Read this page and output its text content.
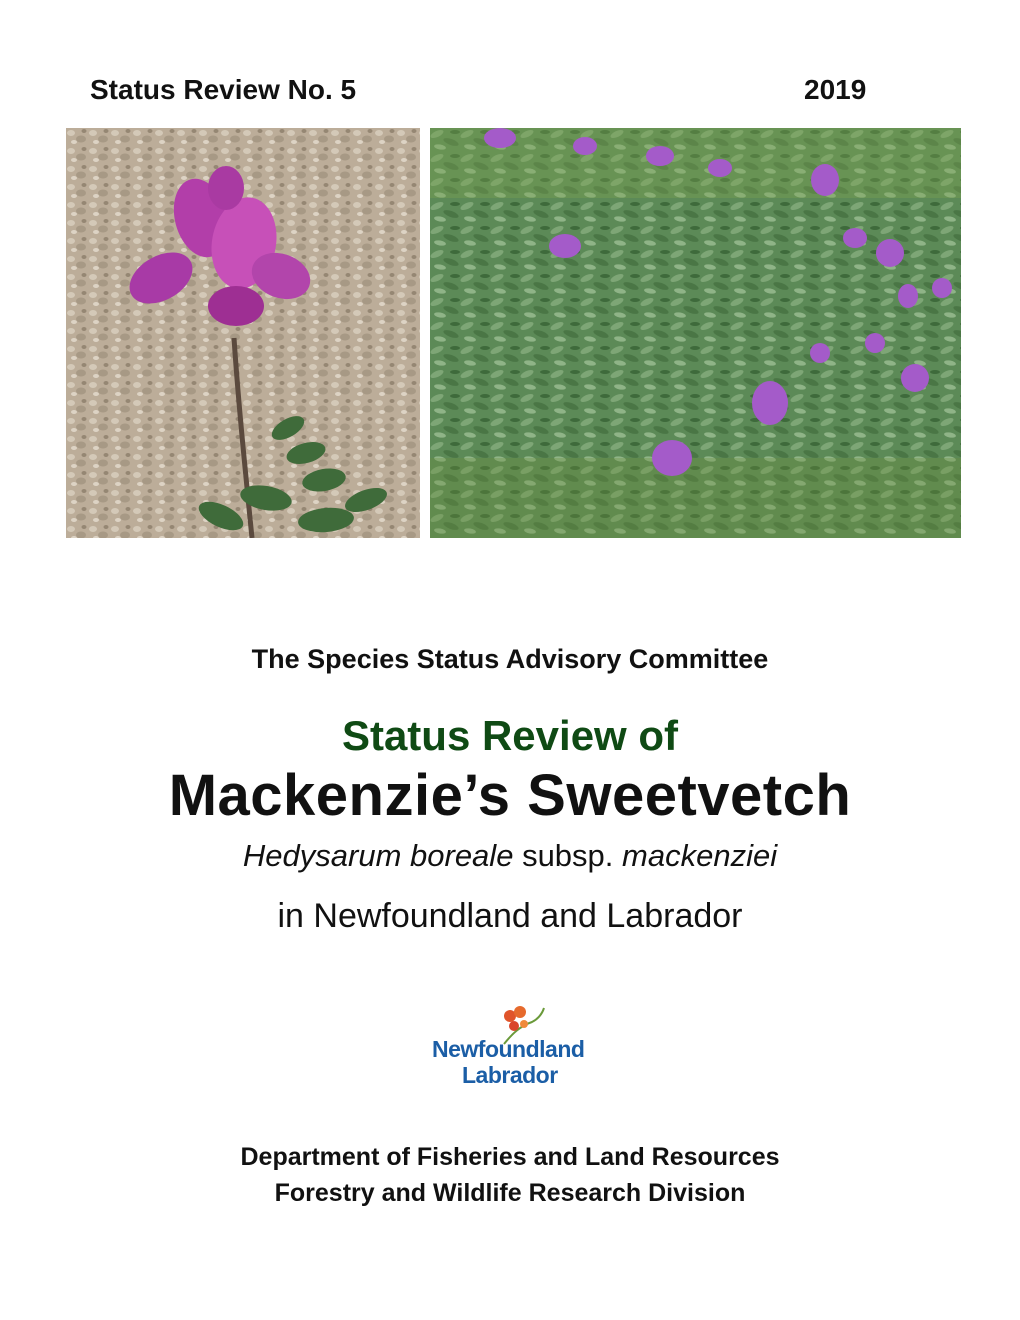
Status Review No. 5	2019
The Species Status Advisory Committee
Status Review of
Mackenzie’s Sweetvetch
Hedysarum boreale subsp. mackenziei
in Newfoundland and Labrador
Newfoundland
Labrador
Department of Fisheries and Land Resources
Forestry and Wildlife Research Division
